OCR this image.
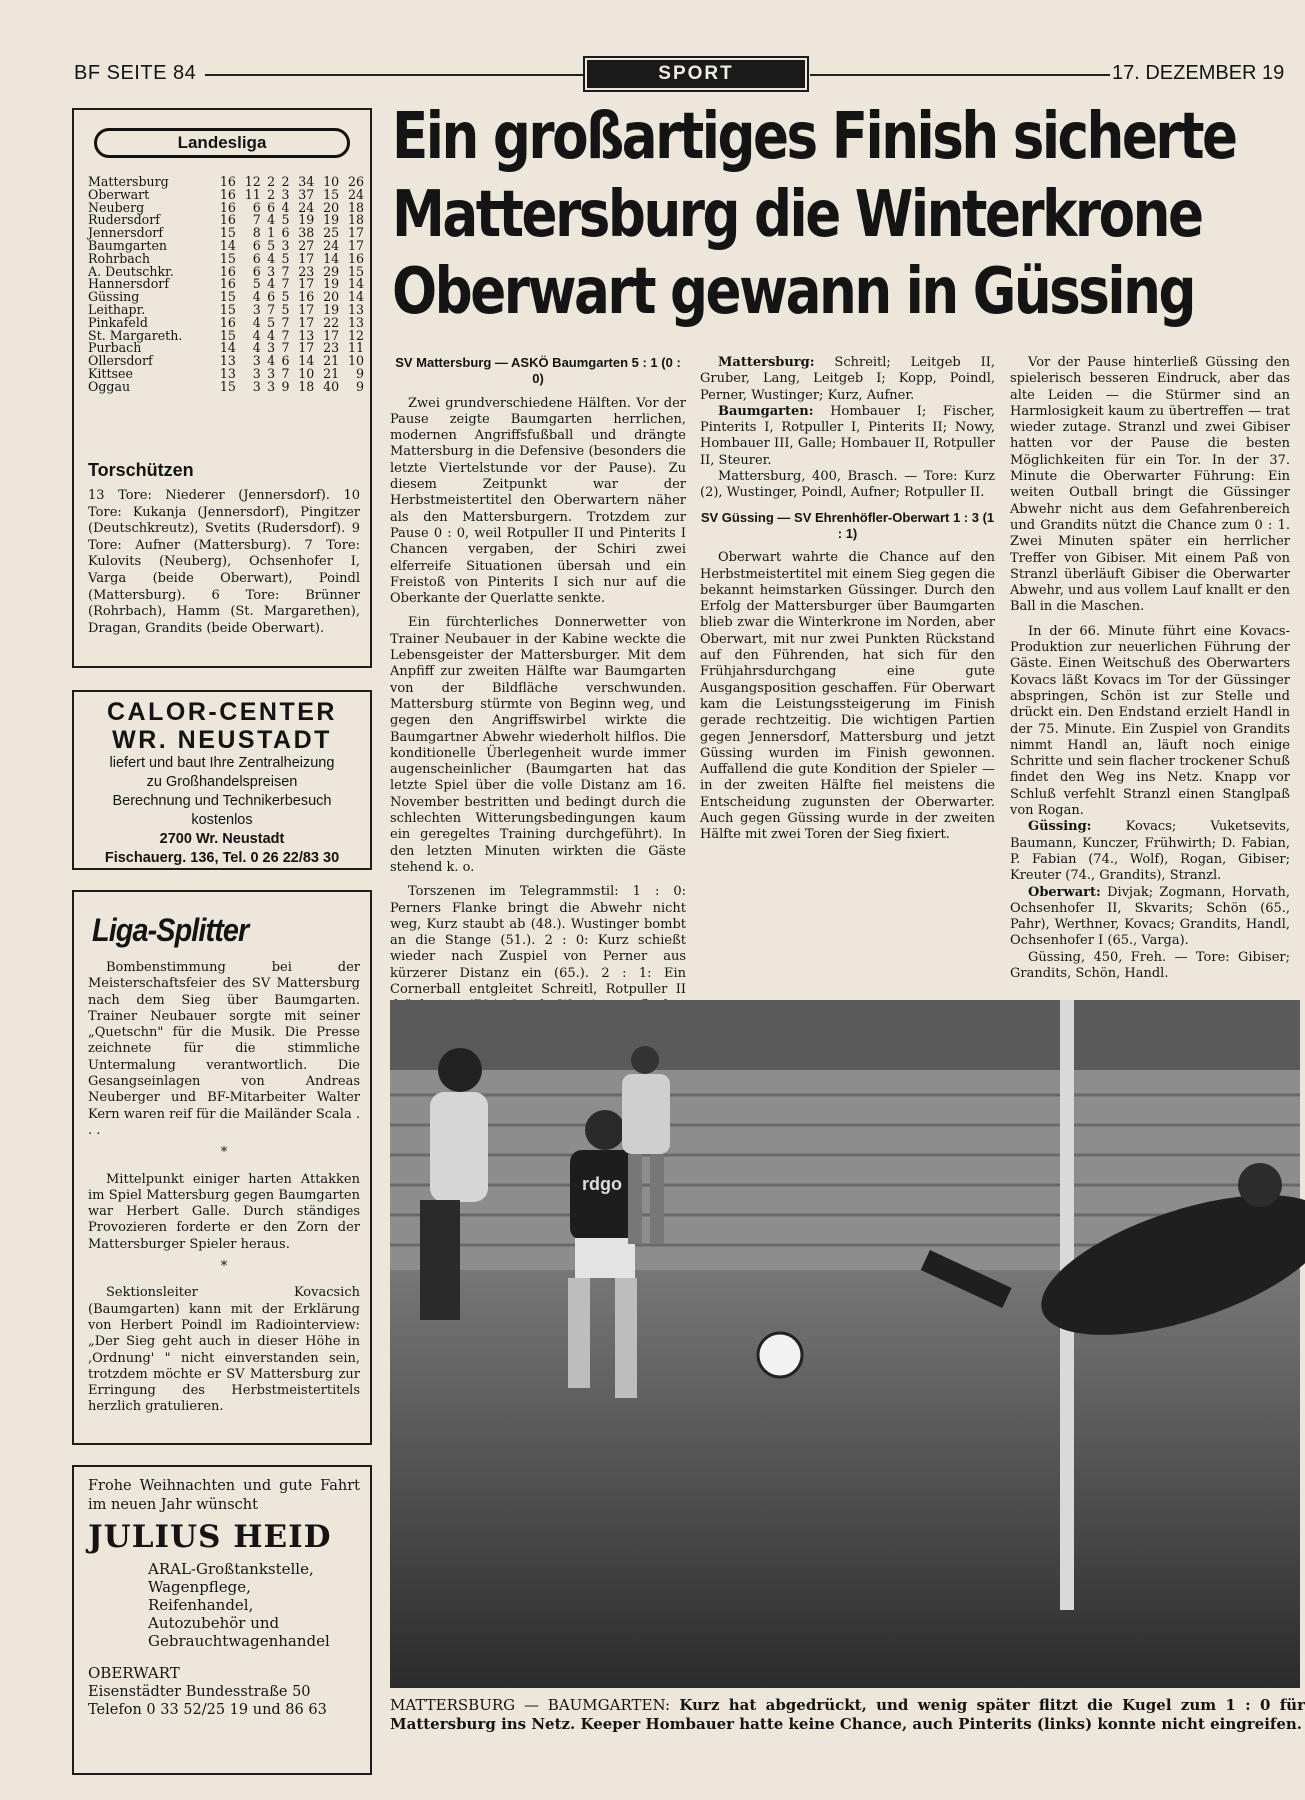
BF SEITE 84	SPORT	17. DEZEMBER 19
Landesliga
Mattersburg	16	12	2	2	34	10	26
Oberwart	16	11	2	3	37	15	24
Neuberg	16	6	6	4	24	20	18
Rudersdorf	16	7	4	5	19	19	18
Jennersdorf	15	8	1	6	38	25	17
Baumgarten	14	6	5	3	27	24	17
Rohrbach	15	6	4	5	17	14	16
A. Deutschkr.	16	6	3	7	23	29	15
Hannersdorf	16	5	4	7	17	19	14
Güssing	15	4	6	5	16	20	14
Leithapr.	15	3	7	5	17	19	13
Pinkafeld	16	4	5	7	17	22	13
St. Margareth.	15	4	4	7	13	17	12
Purbach	14	4	3	7	17	23	11
Ollersdorf	13	3	4	6	14	21	10
Kittsee	13	3	3	7	10	21	9
Oggau	15	3	3	9	18	40	9
Torschützen
13 Tore: Niederer (Jennersdorf). 10 Tore: Kukanja (Jennersdorf), Pingitzer (Deutschkreutz), Svetits (Rudersdorf). 9 Tore: Aufner (Mattersburg). 7 Tore: Kulovits (Neuberg), Ochsenhofer I, Varga (beide Oberwart), Poindl (Mattersburg). 6 Tore: Brünner (Rohrbach), Hamm (St. Margarethen), Dragan, Grandits (beide Oberwart).
CALOR-CENTER
WR. NEUSTADT
liefert und baut Ihre Zentralheizung
zu Großhandelspreisen
Berechnung und Technikerbesuch
kostenlos
2700 Wr. Neustadt
Fischauerg. 136, Tel. 0 26 22/83 30
Liga-Splitter

Bombenstimmung bei der Meisterschaftsfeier des SV Mattersburg nach dem Sieg über Baumgarten. Trainer Neubauer sorgte mit seiner „Quetschn" für die Musik. Die Presse zeichnete für die stimmliche Untermalung verantwortlich. Die Gesangseinlagen von Andreas Neuberger und BF-Mitarbeiter Walter Kern waren reif für die Mailänder Scala . . .

*

Mittelpunkt einiger harten Attakken im Spiel Mattersburg gegen Baumgarten war Herbert Galle. Durch ständiges Provozieren forderte er den Zorn der Mattersburger Spieler heraus.

*

Sektionsleiter Kovacsich (Baumgarten) kann mit der Erklärung von Herbert Poindl im Radiointerview: „Der Sieg geht auch in dieser Höhe in ,Ordnung' " nicht einverstanden sein, trotzdem möchte er SV Mattersburg zur Erringung des Herbstmeistertitels herzlich gratulieren.

Frohe Weihnachten und gute Fahrt im neuen Jahr wünscht
JULIUS HEID
ARAL-Großtankstelle,
Wagenpflege,
Reifenhandel,
Autozubehör und
Gebrauchtwagenhandel
OBERWART
Eisenstädter Bundesstraße 50
Telefon 0 33 52/25 19 und 86 63
Ein großartiges Finish sicherte
Mattersburg die Winterkrone
Oberwart gewann in Güssing

SV Mattersburg — ASKÖ Baumgarten 5 : 1 (0 : 0)

Zwei grundverschiedene Hälften. Vor der Pause zeigte Baumgarten herrlichen, modernen Angriffsfußball und drängte Mattersburg in die Defensive (besonders die letzte Viertelstunde vor der Pause). Zu diesem Zeitpunkt war der Herbstmeistertitel den Oberwartern näher als den Mattersburgern. Trotzdem zur Pause 0 : 0, weil Rotpuller II und Pinterits I Chancen vergaben, der Schiri zwei elferreife Situationen übersah und ein Freistoß von Pinterits I sich nur auf die Oberkante der Querlatte senkte.

Ein fürchterliches Donnerwetter von Trainer Neubauer in der Kabine weckte die Lebensgeister der Mattersburger. Mit dem Anpfiff zur zweiten Hälfte war Baumgarten von der Bildfläche verschwunden. Mattersburg stürmte von Beginn weg, und gegen den Angriffswirbel wirkte die Baumgartner Abwehr wiederholt hilflos. Die konditionelle Überlegenheit wurde immer augenscheinlicher (Baumgarten hat das letzte Spiel über die volle Distanz am 16. November bestritten und bedingt durch die schlechten Witterungsbedingungen kaum ein geregeltes Training durchgeführt). In den letzten Minuten wirkten die Gäste stehend k. o.

Torszenen im Telegrammstil: 1 : 0: Perners Flanke bringt die Abwehr nicht weg, Kurz staubt ab (48.). Wustinger bombt an die Stange (51.). 2 : 0: Kurz schießt wieder nach Zuspiel von Perner aus kürzerer Distanz ein (65.). 2 : 1: Ein Cornerball entgleitet Schreitl, Rotpuller II

Mattersburg: Schreitl; Leitgeb II, Gruber, Lang, Leitgeb I; Kopp, Poindl, Perner, Wustinger; Kurz, Aufner.

Baumgarten: Hombauer I; Fischer, Pinterits I, Rotpuller I, Pinterits II; Nowy, Hombauer III, Galle; Hombauer II, Rotpuller II, Steurer.

Mattersburg, 400, Brasch. — Tore: Kurz (2), Wustinger, Poindl, Aufner; Rotpuller II.

SV Güssing — SV Ehrenhöfler-Oberwart 1 : 3 (1 : 1)

Oberwart wahrte die Chance auf den Herbstmeistertitel mit einem Sieg gegen die bekannt heimstarken Güssinger. Durch den Erfolg der Mattersburger über Baumgarten blieb zwar die Winterkrone im Norden, aber Oberwart, mit nur zwei Punkten Rückstand auf den Führenden, hat sich für den Frühjahrsdurchgang eine gute Ausgangsposition geschaffen. Für Oberwart kam die Leistungssteigerung im Finish gerade rechtzeitig. Die wichtigen Partien gegen Jennersdorf, Mattersburg und jetzt Güssing wurden im Finish gewonnen. Auffallend die gute Kondition der Spieler — in der zweiten Hälfte fiel meistens die Entscheidung zugunsten der Oberwarter. Auch gegen Güssing wurde in der zweiten Hälfte mit zwei Toren der Sieg fixiert.

Vor der Pause hinterließ Güssing den spielerisch besseren Eindruck, aber das alte Leiden — die Stürmer sind an Harmlosigkeit kaum zu übertreffen — trat wieder zutage. Stranzl und zwei Gibiser hatten vor der Pause die besten Möglichkeiten für ein Tor. In der 37. Minute die Oberwarter Führung: Ein weiten Outball bringt die Güssinger Abwehr nicht aus dem Gefahrenbereich und Grandits nützt die Chance zum 0 : 1. Zwei Minuten später ein herrlicher Treffer von Gibiser. Mit einem Paß von Stranzl überläuft Gibiser die Oberwarter Abwehr, und aus vollem Lauf knallt er den Ball in die Maschen.

In der 66. Minute führt eine Kovacs-Produktion zur neuerlichen Führung der Gäste. Einen Weitschuß des Oberwarters Kovacs läßt Kovacs im Tor der Güssinger abspringen, Schön ist zur Stelle und drückt ein. Den Endstand erzielt Handl in der 75. Minute. Ein Zuspiel von Grandits nimmt Handl an, läuft noch einige Schritte und sein flacher trockener Schuß findet den Weg ins Netz. Knapp vor Schluß verfehlt Stranzl einen Stanglpaß von Rogan.

Güssing:	Kovacs; Vuketsevits, Baumann, Kunczer, Frühwirth; D. Fabian, P. Fabian (74., Wolf), Rogan, Gibiser; Kreuter (74., Grandits), Stranzl.

Oberwart: Divjak; Zogmann, Horvath, Ochsenhofer II, Skvarits; Schön (65., Pahr), Werthner, Kovacs; Grandits, Handl, Ochsenhofer I (65., Varga).

Güssing, 450, Freh. — Tore: Gibiser; Grandits, Schön, Handl.

rdgo
MATTERSBURG — BAUMGARTEN: Kurz hat abgedrückt, und wenig später flitzt die Kugel zum 1 : 0 für Mattersburg ins Netz. Keeper Hombauer hatte keine Chance, auch Pinterits (links) konnte nicht eingreifen.
